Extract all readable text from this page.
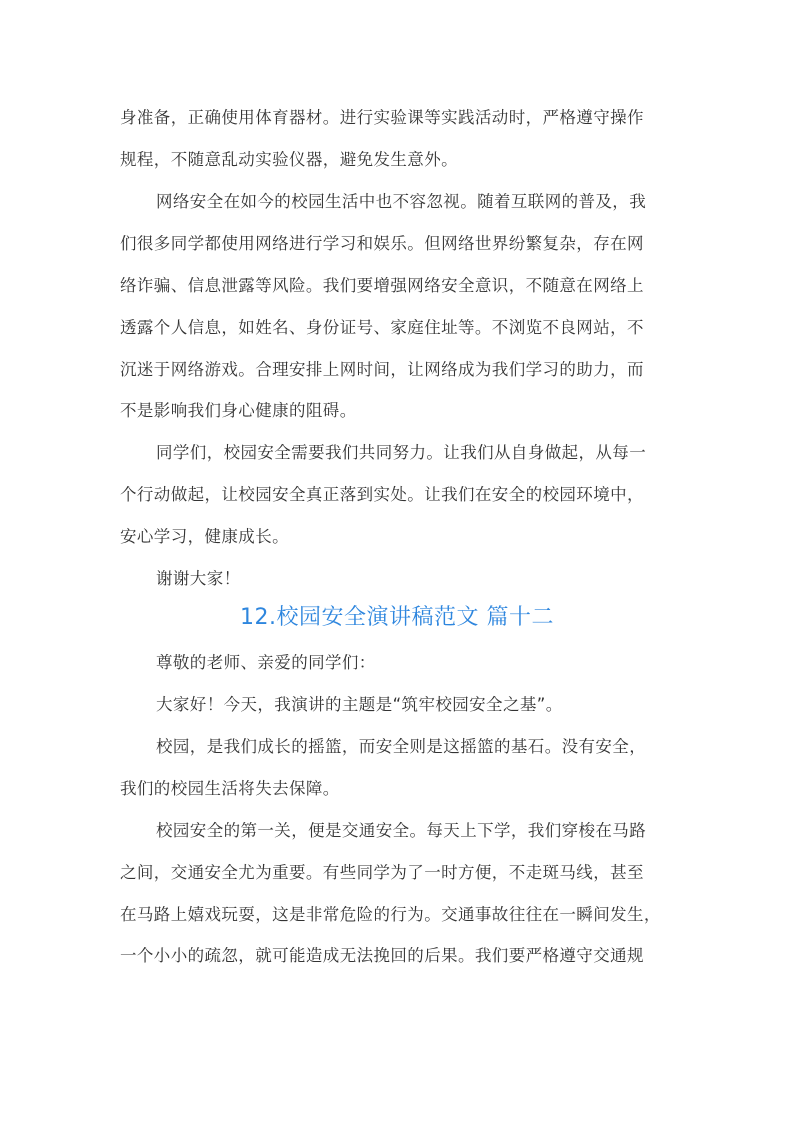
身准备，正确使用体育器材。进行实验课等实践活动时，严格遵守操作
规程，不随意乱动实验仪器，避免发生意外。
网络安全在如今的校园生活中也不容忽视。随着互联网的普及，我
们很多同学都使用网络进行学习和娱乐。但网络世界纷繁复杂，存在网
络诈骗、信息泄露等风险。我们要增强网络安全意识，不随意在网络上
透露个人信息，如姓名、身份证号、家庭住址等。不浏览不良网站，不
沉迷于网络游戏。合理安排上网时间，让网络成为我们学习的助力，而
不是影响我们身心健康的阻碍。
同学们，校园安全需要我们共同努力。让我们从自身做起，从每一
个行动做起，让校园安全真正落到实处。让我们在安全的校园环境中，
安心学习，健康成长。
谢谢大家！
12.校园安全演讲稿范文 篇十二
尊敬的老师、亲爱的同学们：
大家好！今天，我演讲的主题是“筑牢校园安全之基”。
校园，是我们成长的摇篮，而安全则是这摇篮的基石。没有安全，
我们的校园生活将失去保障。
校园安全的第一关，便是交通安全。每天上下学，我们穿梭在马路
之间，交通安全尤为重要。有些同学为了一时方便，不走斑马线，甚至
在马路上嬉戏玩耍，这是非常危险的行为。交通事故往往在一瞬间发生，
一个小小的疏忽，就可能造成无法挽回的后果。我们要严格遵守交通规
